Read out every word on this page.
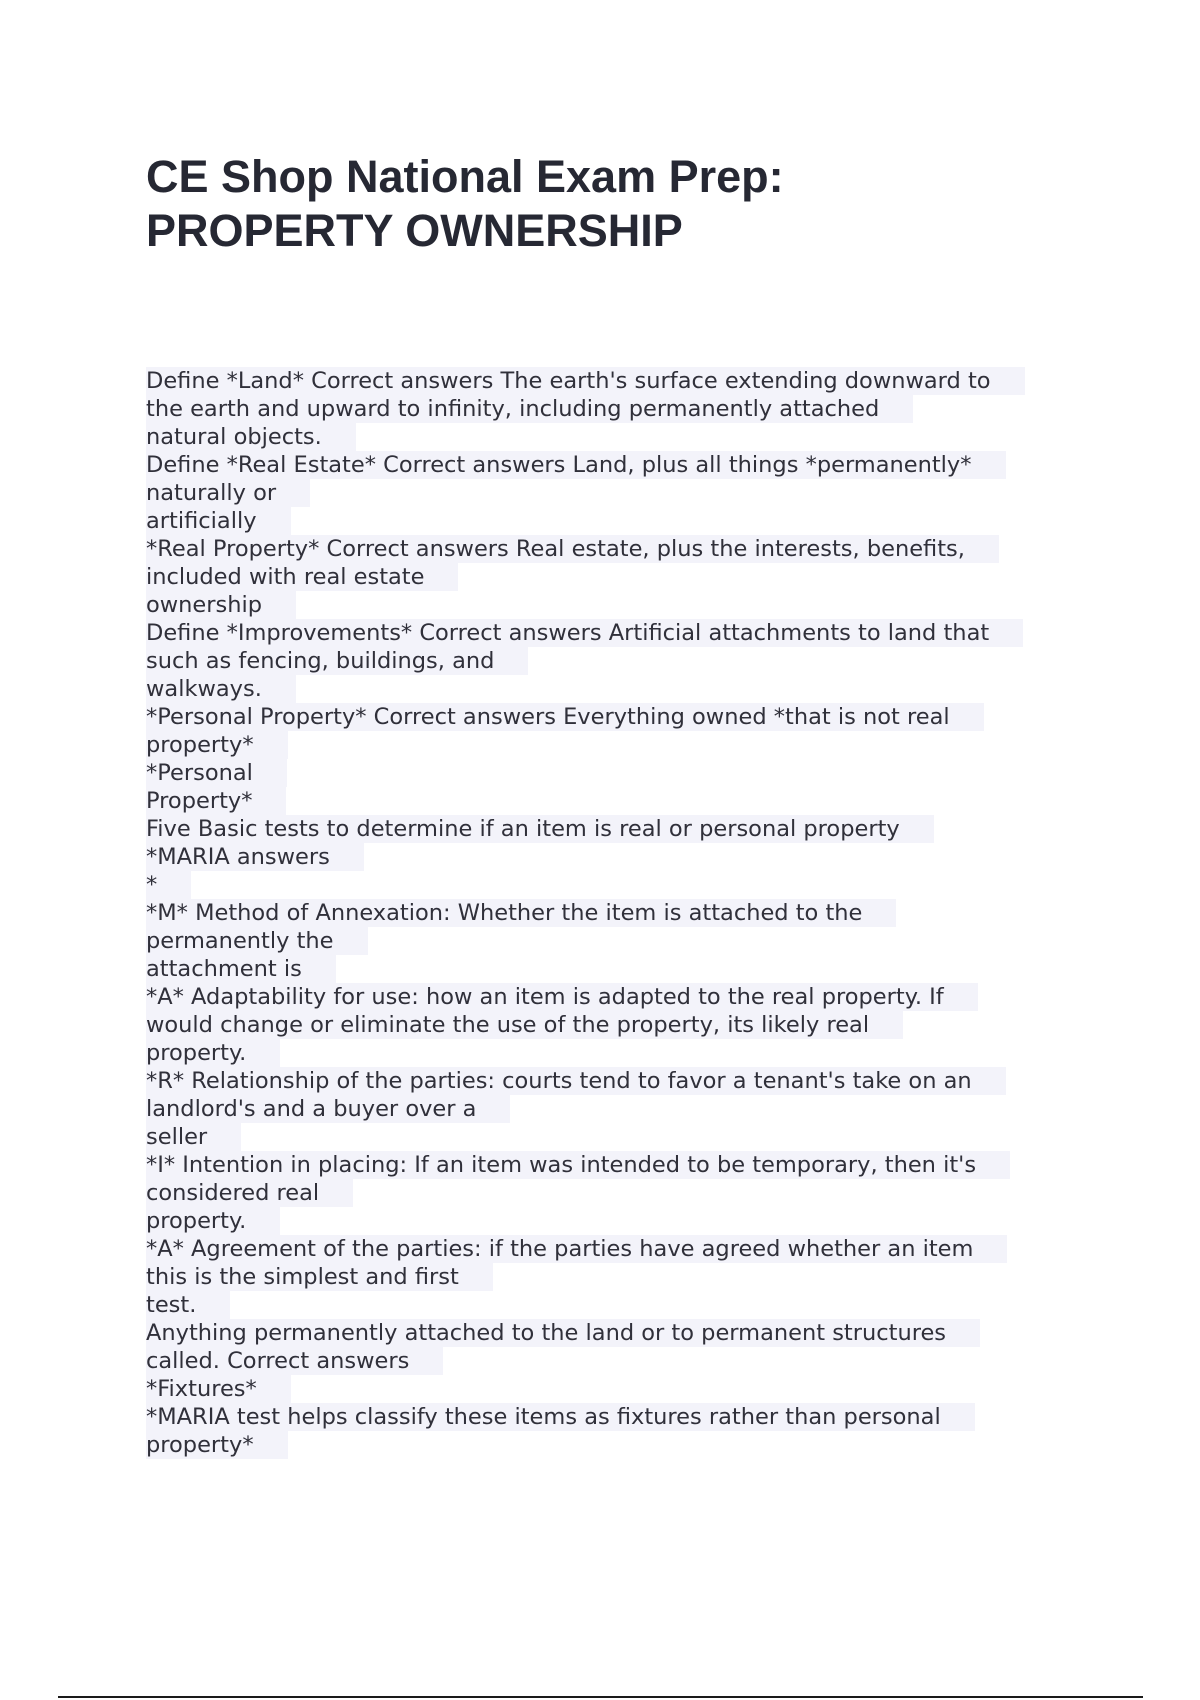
CE Shop National Exam Prep:
PROPERTY OWNERSHIP
Define *Land* Correct answers The earth's surface extending downward to
the earth and upward to infinity, including permanently attached
natural objects.
Define *Real Estate* Correct answers Land, plus all things *permanently*
naturally or
artificially
*Real Property* Correct answers Real estate, plus the interests, benefits,
included with real estate
ownership
Define *Improvements* Correct answers Artificial attachments to land that
such as fencing, buildings, and
walkways.
*Personal Property* Correct answers Everything owned *that is not real
property*
*Personal
Property*
Five Basic tests to determine if an item is real or personal property
*MARIA answers
*
*M* Method of Annexation: Whether the item is attached to the
permanently the
attachment is
*A* Adaptability for use: how an item is adapted to the real property. If
would change or eliminate the use of the property, its likely real
property.
*R* Relationship of the parties: courts tend to favor a tenant's take on an
landlord's and a buyer over a
seller
*I* Intention in placing: If an item was intended to be temporary, then it's
considered real
property.
*A* Agreement of the parties: if the parties have agreed whether an item
this is the simplest and first
test.
Anything permanently attached to the land or to permanent structures
called. Correct answers
*Fixtures*
*MARIA test helps classify these items as fixtures rather than personal
property*
